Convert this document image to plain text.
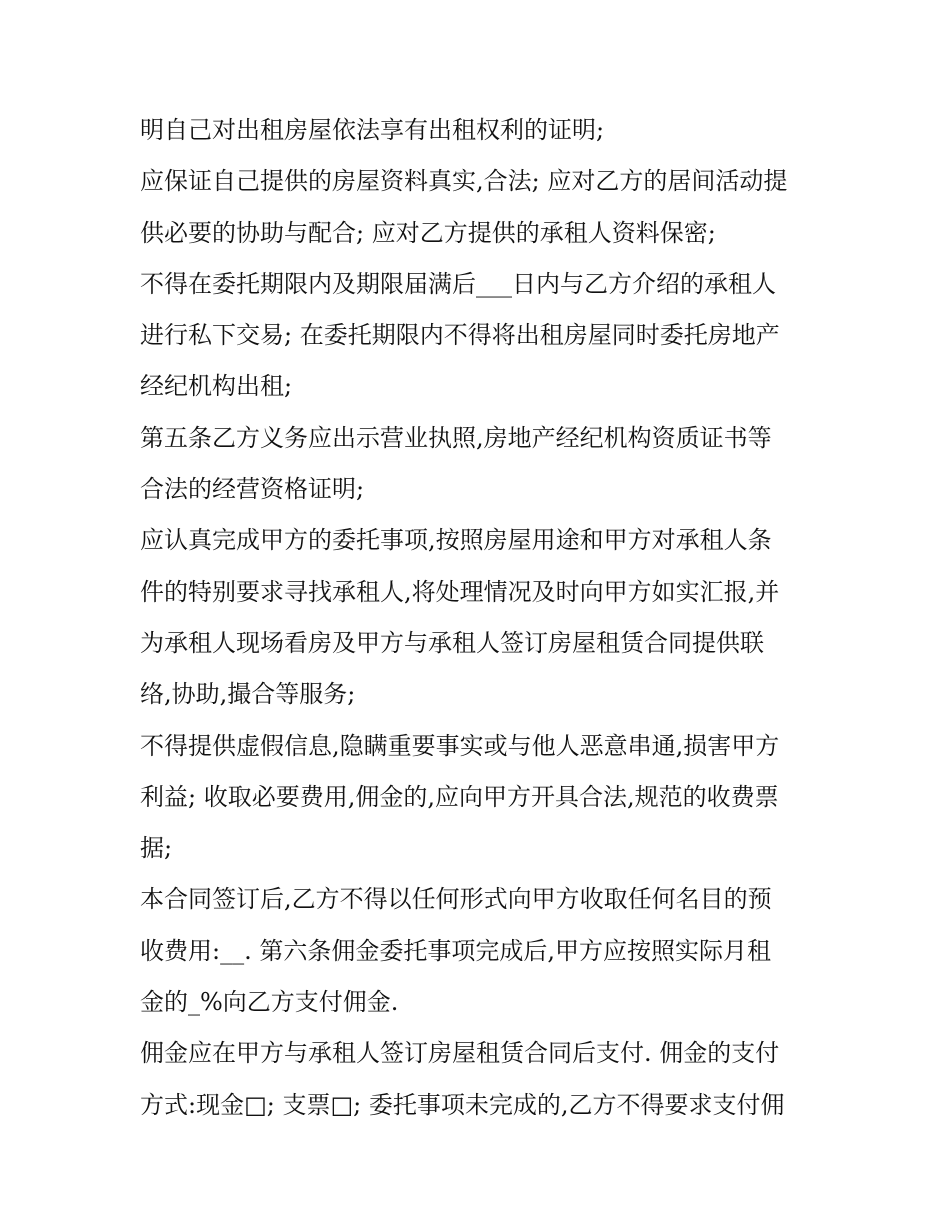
明自己对出租房屋依法享有出租权利的证明;
应保证自己提供的房屋资料真实,合法; 应对乙方的居间活动提
供必要的协助与配合; 应对乙方提供的承租人资料保密;
不得在委托期限内及期限届满后___日内与乙方介绍的承租人
进行私下交易; 在委托期限内不得将出租房屋同时委托房地产
经纪机构出租;
第五条乙方义务应出示营业执照,房地产经纪机构资质证书等
合法的经营资格证明;
应认真完成甲方的委托事项,按照房屋用途和甲方对承租人条
件的特别要求寻找承租人,将处理情况及时向甲方如实汇报,并
为承租人现场看房及甲方与承租人签订房屋租赁合同提供联
络,协助,撮合等服务;
不得提供虚假信息,隐瞒重要事实或与他人恶意串通,损害甲方
利益; 收取必要费用,佣金的,应向甲方开具合法,规范的收费票
据;
本合同签订后,乙方不得以任何形式向甲方收取任何名目的预
收费用:__. 第六条佣金委托事项完成后,甲方应按照实际月租
金的_%向乙方支付佣金.
佣金应在甲方与承租人签订房屋租赁合同后支付. 佣金的支付
方式:现金□; 支票□; 委托事项未完成的,乙方不得要求支付佣
